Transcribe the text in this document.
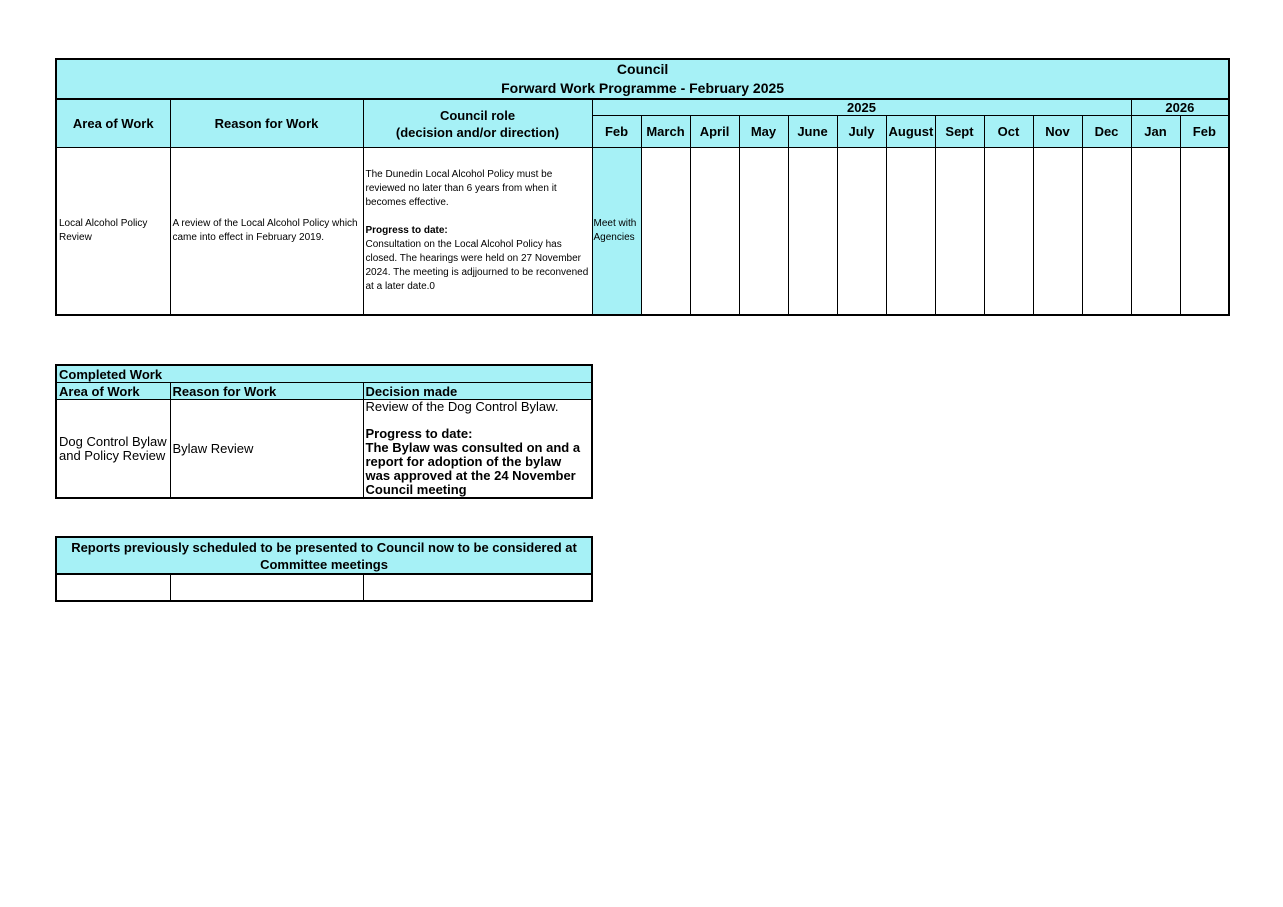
Council
Forward Work Programme - February 2025															

Area of Work	Reason for Work	Council role
(decision and/or direction)	2025											2026	
			Feb	March	April	May	June	July	August	Sept	Oct	Nov	Dec	Jan	Feb
Local Alcohol Policy Review	A review of the Local Alcohol Policy which came into effect in February 2019.	The Dunedin Local Alcohol Policy must be reviewed no later than 6 years from when it becomes effective.
Progress to date:
Consultation on the Local Alcohol Policy has closed. The hearings were held on 27 November 2024. The meeting is adjjourned to be reconvened at a later date.0	Meet with Agencies												
Completed Work		
Area of Work	Reason for Work	Decision made
Dog Control Bylaw and Policy Review	Bylaw Review	Review of the Dog Control Bylaw.
Progress to date:
The Bylaw was consulted on and a report for adoption of the bylaw was approved at the 24 November Council meeting
Reports previously scheduled to be presented to Council now to be considered at Committee meetings
